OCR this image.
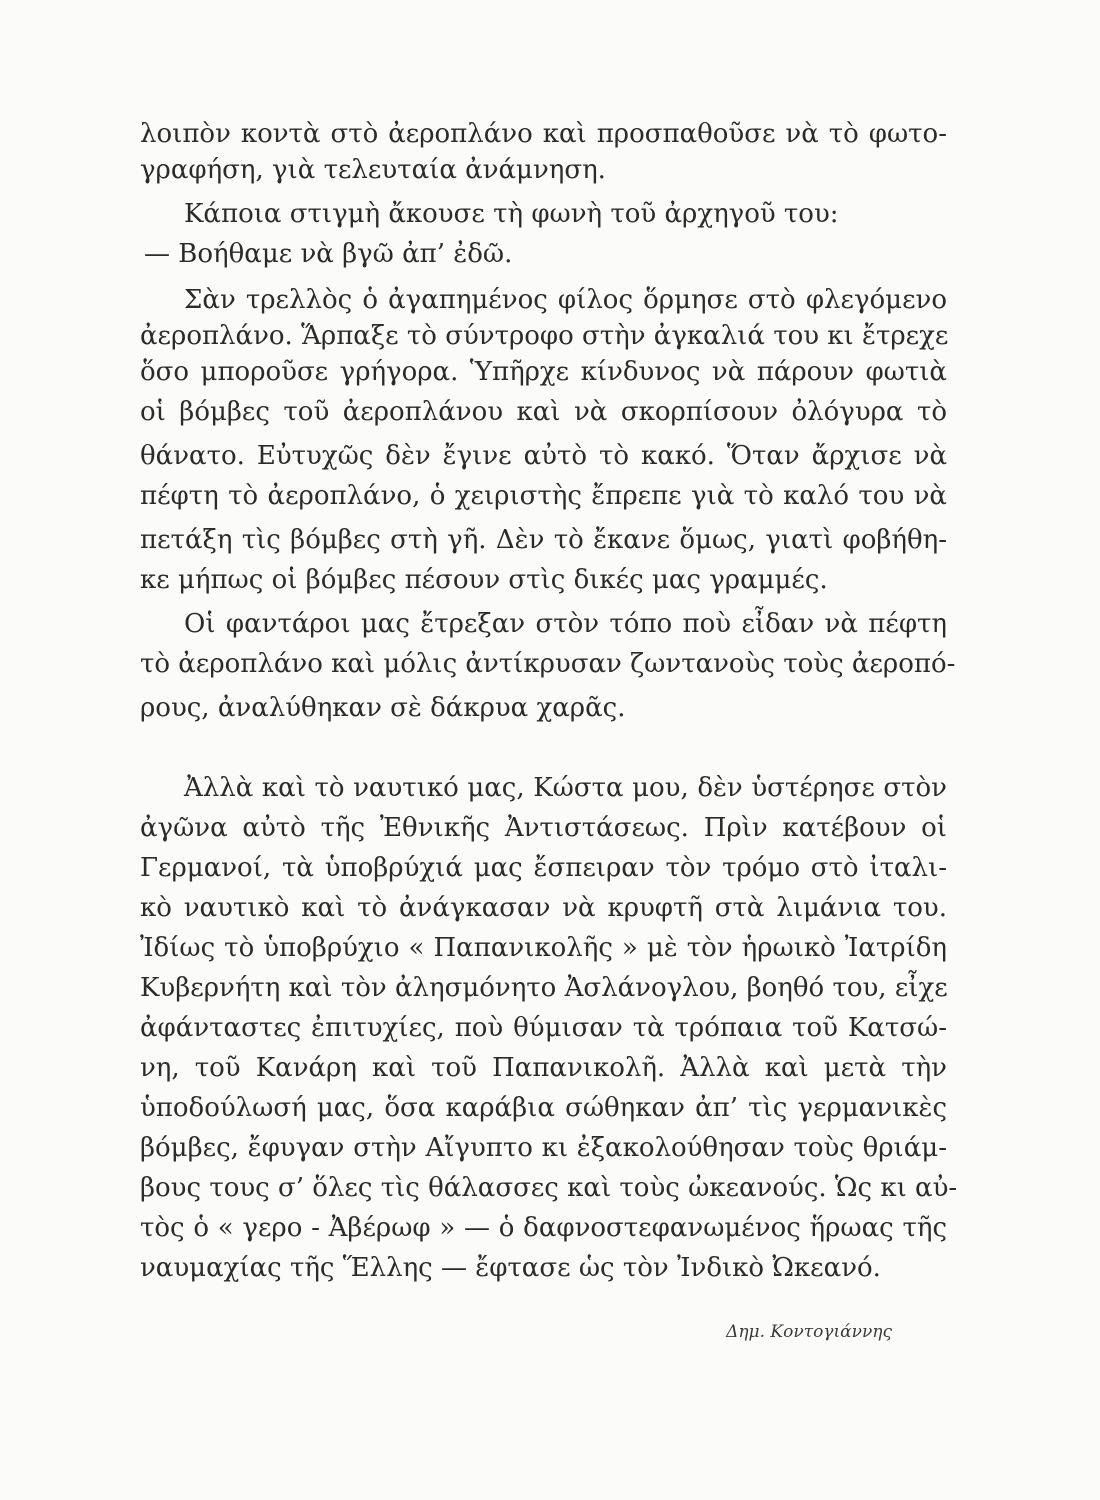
λοιπὸν κοντὰ στὸ ἀεροπλάνο καὶ προσπαθοῦσε νὰ τὸ φωτο-
γραφήση, γιὰ τελευταία ἀνάμνηση.
Κάποια στιγμὴ ἄκουσε τὴ φωνὴ τοῦ ἀρχηγοῦ του:
— Βοήθαμε νὰ βγῶ ἀπ’ ἐδῶ.
Σὰν τρελλὸς ὁ ἀγαπημένος φίλος ὅρμησε στὸ φλεγόμενο
ἀεροπλάνο. Ἅρπαξε τὸ σύντροφο στὴν ἀγκαλιά του κι ἔτρεχε
ὅσο μποροῦσε γρήγορα. Ὑπῆρχε κίνδυνος νὰ πάρουν φωτιὰ
οἱ βόμβες τοῦ ἀεροπλάνου καὶ νὰ σκορπίσουν ὀλόγυρα τὸ
θάνατο. Εὐτυχῶς δὲν ἔγινε αὐτὸ τὸ κακό. Ὅταν ἄρχισε νὰ
πέφτη τὸ ἀεροπλάνο, ὁ χειριστὴς ἔπρεπε γιὰ τὸ καλό του νὰ
πετάξη τὶς βόμβες στὴ γῆ. Δὲν τὸ ἔκανε ὅμως, γιατὶ φοβήθη-
κε μήπως οἱ βόμβες πέσουν στὶς δικές μας γραμμές.
Οἱ φαντάροι μας ἔτρεξαν στὸν τόπο ποὺ εἶδαν νὰ πέφτη
τὸ ἀεροπλάνο καὶ μόλις ἀντίκρυσαν ζωντανοὺς τοὺς ἀεροπό-
ρους, ἀναλύθηκαν σὲ δάκρυα χαρᾶς.
Ἀλλὰ καὶ τὸ ναυτικό μας, Κώστα μου, δὲν ὑστέρησε στὸν
ἀγῶνα αὐτὸ τῆς Ἐθνικῆς Ἀντιστάσεως. Πρὶν κατέβουν οἱ
Γερμανοί, τὰ ὑποβρύχιά μας ἔσπειραν τὸν τρόμο στὸ ἰταλι-
κὸ ναυτικὸ καὶ τὸ ἀνάγκασαν νὰ κρυφτῆ στὰ λιμάνια του.
Ἰδίως τὸ ὑποβρύχιο « Παπανικολῆς » μὲ τὸν ἡρωικὸ Ἰατρίδη
Κυβερνήτη καὶ τὸν ἀλησμόνητο Ἀσλάνογλου, βοηθό του, εἶχε
ἀφάνταστες ἐπιτυχίες, ποὺ θύμισαν τὰ τρόπαια τοῦ Κατσώ-
νη, τοῦ Κανάρη καὶ τοῦ Παπανικολῆ. Ἀλλὰ καὶ μετὰ τὴν
ὑποδούλωσή μας, ὅσα καράβια σώθηκαν ἀπ’ τὶς γερμανικὲς
βόμβες, ἔφυγαν στὴν Αἴγυπτο κι ἐξακολούθησαν τοὺς θριάμ-
βους τους σ’ ὅλες τὶς θάλασσες καὶ τοὺς ὠκεανούς. Ὡς κι αὐ-
τὸς ὁ « γερο - Ἀβέρωφ » — ὁ δαφνοστεφανωμένος ἥρωας τῆς
ναυμαχίας τῆς Ἕλλης — ἔφτασε ὡς τὸν Ἰνδικὸ Ὠκεανό.
Δημ. Κοντογιάννης
